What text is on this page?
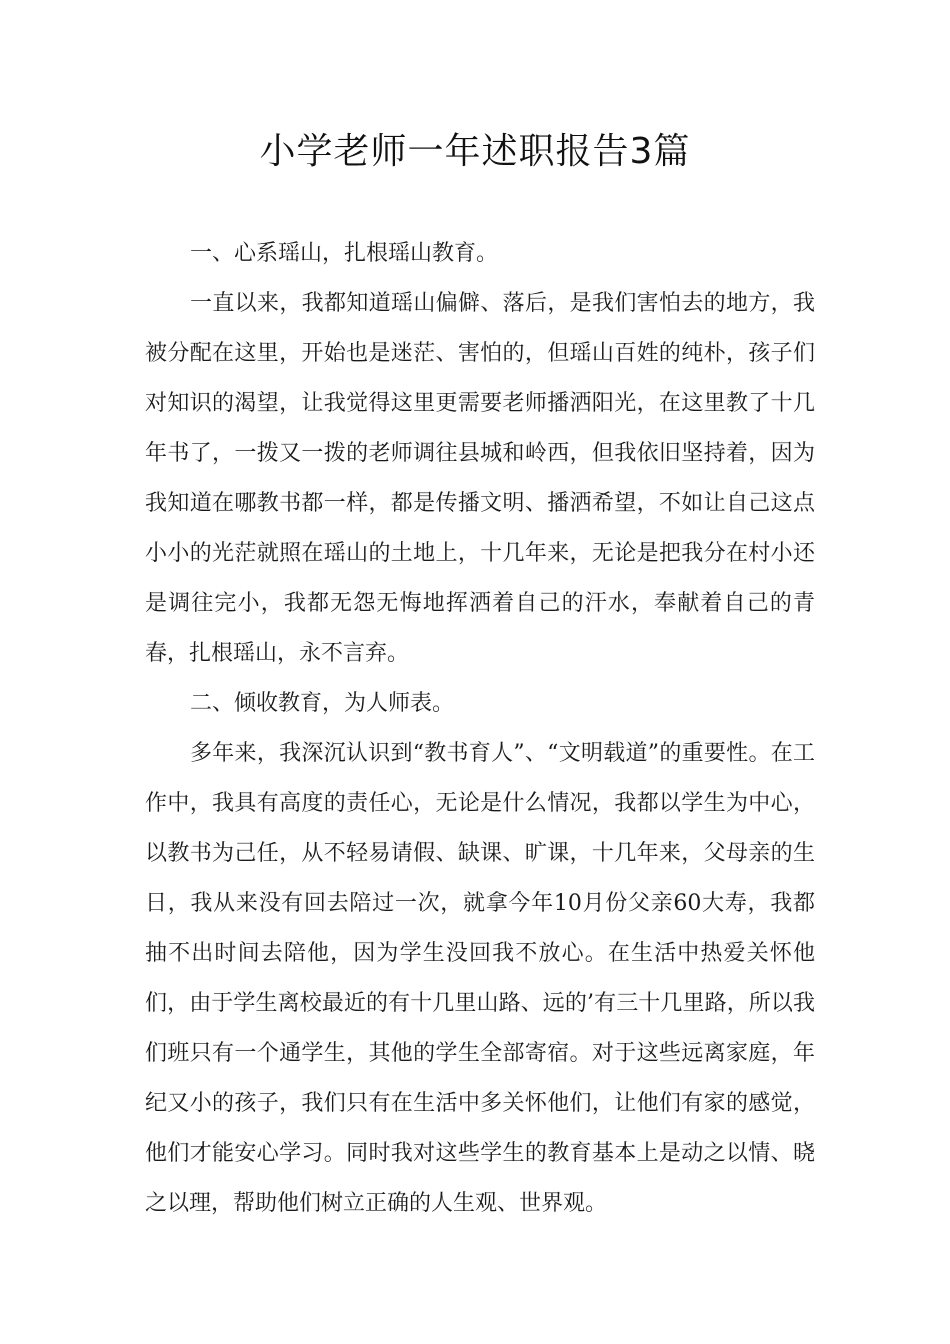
小学老师一年述职报告3篇

一、心系瑶山，扎根瑶山教育。

一直以来，我都知道瑶山偏僻、落后，是我们害怕去的地方，我被分配在这里，开始也是迷茫、害怕的，但瑶山百姓的纯朴，孩子们对知识的渴望，让我觉得这里更需要老师播洒阳光，在这里教了十几年书了，一拨又一拨的老师调往县城和岭西，但我依旧坚持着，因为我知道在哪教书都一样，都是传播文明、播洒希望，不如让自己这点小小的光茫就照在瑶山的土地上，十几年来，无论是把我分在村小还是调往完小，我都无怨无悔地挥洒着自己的汗水，奉献着自己的青春，扎根瑶山，永不言弃。

二、倾收教育，为人师表。

多年来，我深沉认识到“教书育人”、“文明载道”的重要性。在工作中，我具有高度的责任心，无论是什么情况，我都以学生为中心，以教书为己任，从不轻易请假、缺课、旷课，十几年来，父母亲的生日，我从来没有回去陪过一次，就拿今年10月份父亲60大寿，我都抽不出时间去陪他，因为学生没回我不放心。在生活中热爱关怀他们，由于学生离校最近的有十几里山路、远的’有三十几里路，所以我们班只有一个通学生，其他的学生全部寄宿。对于这些远离家庭，年纪又小的孩子，我们只有在生活中多关怀他们，让他们有家的感觉，他们才能安心学习。同时我对这些学生的教育基本上是动之以情、晓之以理，帮助他们树立正确的人生观、世界观。
